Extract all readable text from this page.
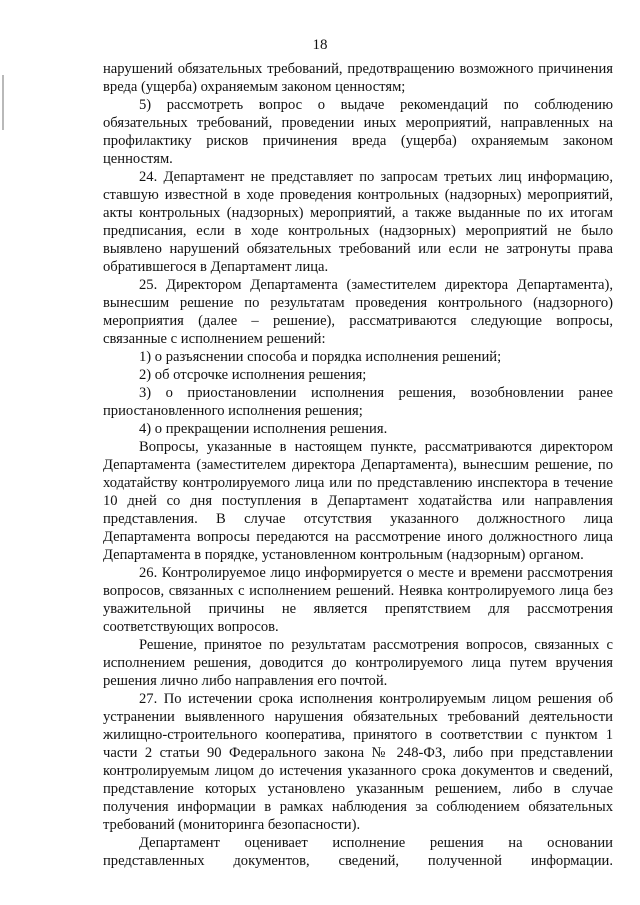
18

нарушений обязательных требований, предотвращению возможного причинения вреда (ущерба) охраняемым законом ценностям;

5) рассмотреть вопрос о выдаче рекомендаций по соблюдению обязательных требований, проведении иных мероприятий, направленных на профилактику рисков причинения вреда (ущерба) охраняемым законом ценностям.

24. Департамент не представляет по запросам третьих лиц информацию, ставшую известной в ходе проведения контрольных (надзорных) мероприятий, акты контрольных (надзорных) мероприятий, а также выданные по их итогам предписания, если в ходе контрольных (надзорных) мероприятий не было выявлено нарушений обязательных требований или если не затронуты права обратившегося в Департамент лица.

25. Директором Департамента (заместителем директора Департамента), вынесшим решение по результатам проведения контрольного (надзорного) мероприятия (далее – решение), рассматриваются следующие вопросы, связанные с исполнением решений:

1) о разъяснении способа и порядка исполнения решений;

2) об отсрочке исполнения решения;

3) о приостановлении исполнения решения, возобновлении ранее приостановленного исполнения решения;

4) о прекращении исполнения решения.

Вопросы, указанные в настоящем пункте, рассматриваются директором Департамента (заместителем директора Департамента), вынесшим решение, по ходатайству контролируемого лица или по представлению инспектора в течение 10 дней со дня поступления в Департамент ходатайства или направления представления. В случае отсутствия указанного должностного лица Департамента вопросы передаются на рассмотрение иного должностного лица Департамента в порядке, установленном контрольным (надзорным) органом.

26. Контролируемое лицо информируется о месте и времени рассмотрения вопросов, связанных с исполнением решений. Неявка контролируемого лица без уважительной причины не является препятствием для рассмотрения соответствующих вопросов.

Решение, принятое по результатам рассмотрения вопросов, связанных с исполнением решения, доводится до контролируемого лица путем вручения решения лично либо направления его почтой.

27. По истечении срока исполнения контролируемым лицом решения об устранении выявленного нарушения обязательных требований деятельности жилищно-строительного кооператива, принятого в соответствии с пунктом 1 части 2 статьи 90 Федерального закона № 248-ФЗ, либо при представлении контролируемым лицом до истечения указанного срока документов и сведений, представление которых установлено указанным решением, либо в случае получения информации в рамках наблюдения за соблюдением обязательных требований (мониторинга безопасности).

Департамент оценивает исполнение решения на основании представленных документов, сведений, полученной информации.
